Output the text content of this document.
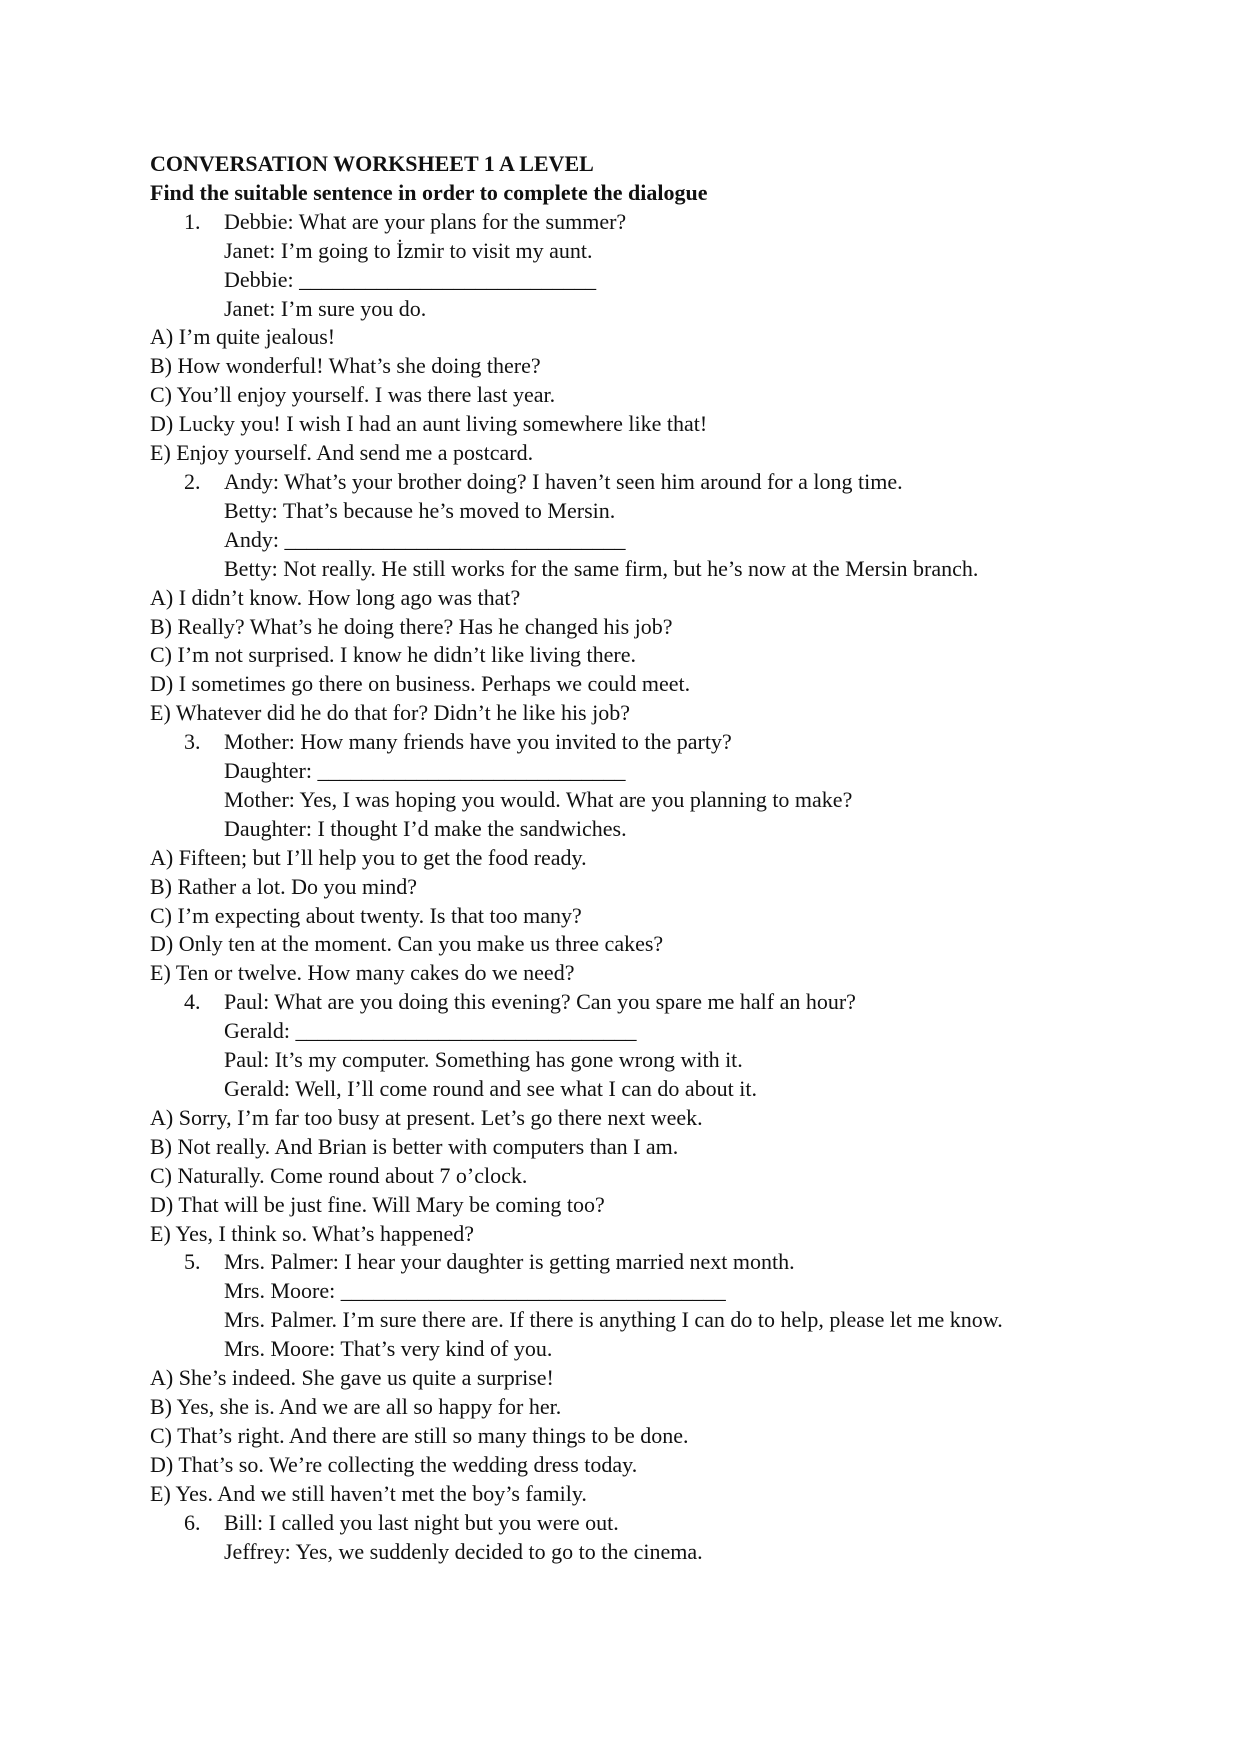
CONVERSATION WORKSHEET 1 A LEVEL
Find the suitable sentence in order to complete the dialogue
1. Debbie: What are your plans for the summer?
Janet: I’m going to İzmir to visit my aunt.
Debbie: ___________________________
Janet: I’m sure you do.
A) I’m quite jealous!
B) How wonderful! What’s she doing there?
C) You’ll enjoy yourself. I was there last year.
D) Lucky you! I wish I had an aunt living somewhere like that!
E) Enjoy yourself. And send me a postcard.
2. Andy: What’s your brother doing? I haven’t seen him around for a long time.
Betty: That’s because he’s moved to Mersin.
Andy: _______________________________
Betty: Not really. He still works for the same firm, but he’s now at the Mersin branch.
A) I didn’t know. How long ago was that?
B) Really? What’s he doing there? Has he changed his job?
C) I’m not surprised. I know he didn’t like living there.
D) I sometimes go there on business. Perhaps we could meet.
E) Whatever did he do that for? Didn’t he like his job?
3. Mother: How many friends have you invited to the party?
Daughter: ____________________________
Mother: Yes, I was hoping you would. What are you planning to make?
Daughter: I thought I’d make the sandwiches.
A) Fifteen; but I’ll help you to get the food ready.
B) Rather a lot. Do you mind?
C) I’m expecting about twenty. Is that too many?
D) Only ten at the moment. Can you make us three cakes?
E) Ten or twelve. How many cakes do we need?
4. Paul: What are you doing this evening? Can you spare me half an hour?
Gerald: _______________________________
Paul: It’s my computer. Something has gone wrong with it.
Gerald: Well, I’ll come round and see what I can do about it.
A) Sorry, I’m far too busy at present. Let’s go there next week.
B) Not really. And Brian is better with computers than I am.
C) Naturally. Come round about 7 o’clock.
D) That will be just fine. Will Mary be coming too?
E) Yes, I think so. What’s happened?
5. Mrs. Palmer: I hear your daughter is getting married next month.
Mrs. Moore: ___________________________________
Mrs. Palmer. I’m sure there are. If there is anything I can do to help, please let me know.
Mrs. Moore: That’s very kind of you.
A) She’s indeed. She gave us quite a surprise!
B) Yes, she is. And we are all so happy for her.
C) That’s right. And there are still so many things to be done.
D) That’s so. We’re collecting the wedding dress today.
E) Yes. And we still haven’t met the boy’s family.
6. Bill: I called you last night but you were out.
Jeffrey: Yes, we suddenly decided to go to the cinema.
